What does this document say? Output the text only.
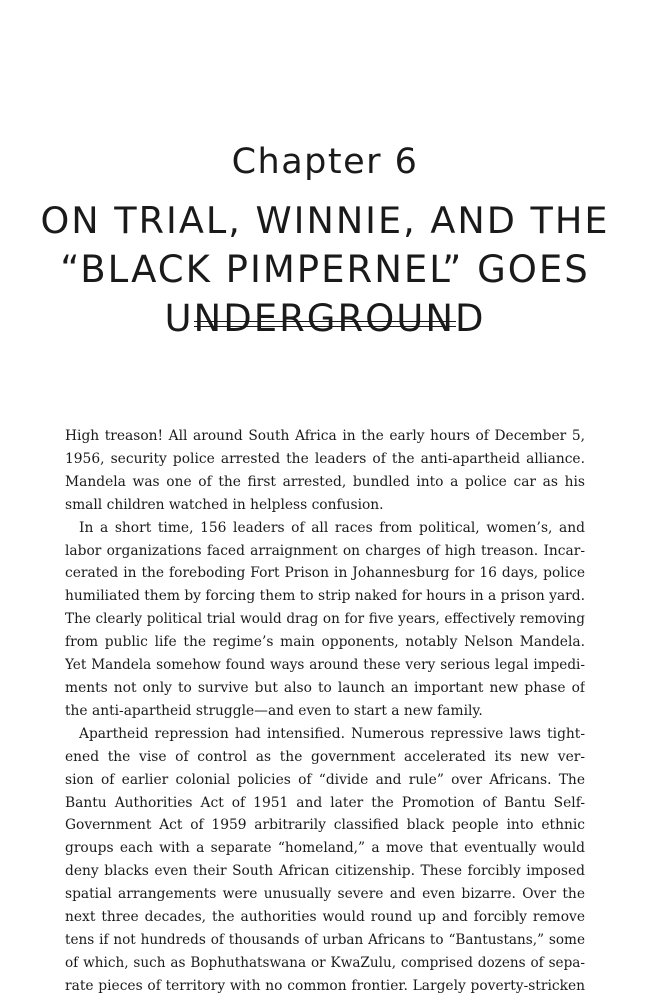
Chapter 6
ON TRIAL, WINNIE, AND THE
“BLACK PIMPERNEL” GOES
UNDERGROUND
High treason! All around South Africa in the early hours of December 5,
1956, security police arrested the leaders of the anti-apartheid alliance.
Mandela was one of the first arrested, bundled into a police car as his
small children watched in helpless confusion.
In a short time, 156 leaders of all races from political, women’s, and
labor organizations faced arraignment on charges of high treason. Incar-
cerated in the foreboding Fort Prison in Johannesburg for 16 days, police
humiliated them by forcing them to strip naked for hours in a prison yard.
The clearly political trial would drag on for five years, effectively removing
from public life the regime’s main opponents, notably Nelson Mandela.
Yet Mandela somehow found ways around these very serious legal impedi-
ments not only to survive but also to launch an important new phase of
the anti-apartheid struggle—and even to start a new family.
Apartheid repression had intensified. Numerous repressive laws tight-
ened the vise of control as the government accelerated its new ver-
sion of earlier colonial policies of “divide and rule” over Africans. The
Bantu Authorities Act of 1951 and later the Promotion of Bantu Self-
Government Act of 1959 arbitrarily classified black people into ethnic
groups each with a separate “homeland,” a move that eventually would
deny blacks even their South African citizenship. These forcibly imposed
spatial arrangements were unusually severe and even bizarre. Over the
next three decades, the authorities would round up and forcibly remove
tens if not hundreds of thousands of urban Africans to “Bantustans,” some
of which, such as Bophuthatswana or KwaZulu, comprised dozens of sepa-
rate pieces of territory with no common frontier. Largely poverty-stricken
